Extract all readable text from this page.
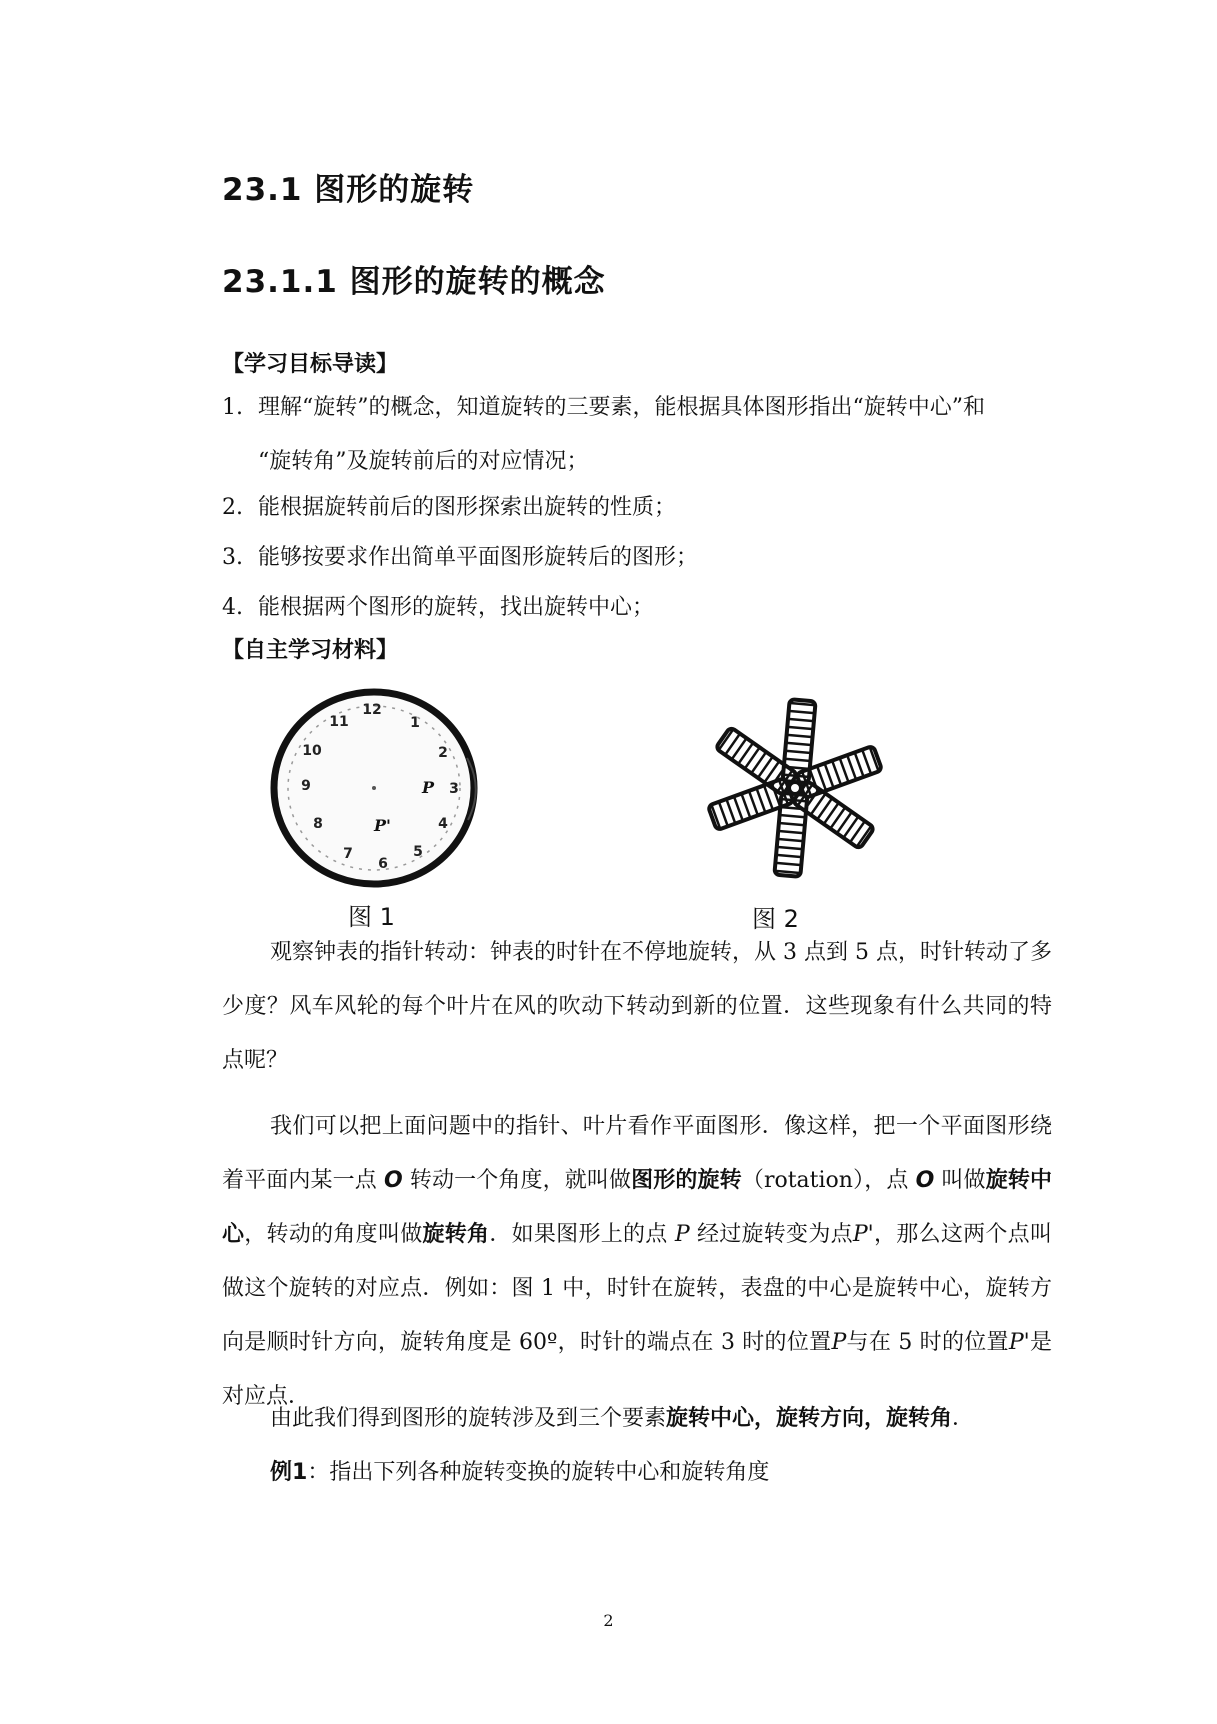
23.1 图形的旋转
23.1.1 图形的旋转的概念
【学习目标导读】
1. 理解“旋转”的概念，知道旋转的三要素，能根据具体图形指出“旋转中心”和
“旋转角”及旋转前后的对应情况；
2. 能根据旋转前后的图形探索出旋转的性质；
3. 能够按要求作出简单平面图形旋转后的图形；
4. 能根据两个图形的旋转，找出旋转中心；
【自主学习材料】
12
1
2
3
4
5
6
7
8
9
10
11
P
P'
图 1	图 2
观察钟表的指针转动：钟表的时针在不停地旋转，从 3 点到 5 点，时针转动了多少度？风车风轮的每个叶片在风的吹动下转动到新的位置．这些现象有什么共同的特点呢？
我们可以把上面问题中的指针、叶片看作平面图形．像这样，把一个平面图形绕着平面内某一点 O 转动一个角度，就叫做图形的旋转（rotation），点 O 叫做旋转中心，转动的角度叫做旋转角．如果图形上的点 P 经过旋转变为点P'，那么这两个点叫做这个旋转的对应点．例如：图 1 中，时针在旋转，表盘的中心是旋转中心，旋转方向是顺时针方向，旋转角度是 60º，时针的端点在 3 时的位置P与在 5 时的位置P'是对应点．
由此我们得到图形的旋转涉及到三个要素旋转中心，旋转方向，旋转角．
例1：指出下列各种旋转变换的旋转中心和旋转角度
2
